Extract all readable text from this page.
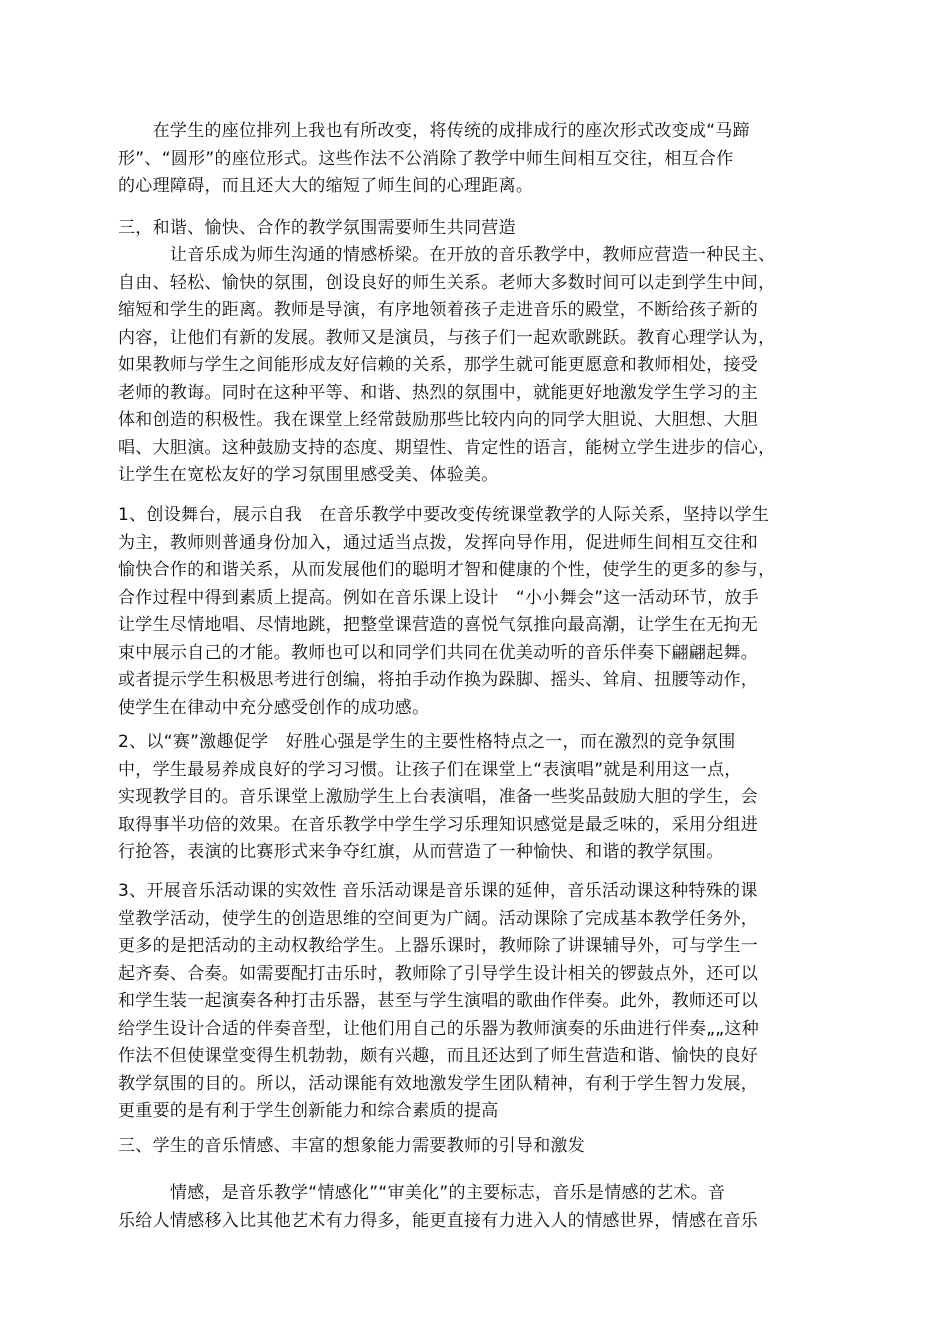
　　在学生的座位排列上我也有所改变，将传统的成排成行的座次形式改变成“马蹄
形”、“圆形”的座位形式。这些作法不公消除了教学中师生间相互交往，相互合作
的心理障碍，而且还大大的缩短了师生间的心理距离。
三，和谐、愉快、合作的教学氛围需要师生共同营造
　　　让音乐成为师生沟通的情感桥梁。在开放的音乐教学中，教师应营造一种民主、
自由、轻松、愉快的氛围，创设良好的师生关系。老师大多数时间可以走到学生中间，
缩短和学生的距离。教师是导演，有序地领着孩子走进音乐的殿堂，不断给孩子新的
内容，让他们有新的发展。教师又是演员，与孩子们一起欢歌跳跃。教育心理学认为，
如果教师与学生之间能形成友好信赖的关系，那学生就可能更愿意和教师相处，接受
老师的教诲。同时在这种平等、和谐、热烈的氛围中，就能更好地激发学生学习的主
体和创造的积极性。我在课堂上经常鼓励那些比较内向的同学大胆说、大胆想、大胆
唱、大胆演。这种鼓励支持的态度、期望性、肯定性的语言，能树立学生进步的信心，
让学生在宽松友好的学习氛围里感受美、体验美。
1、创设舞台，展示自我　在音乐教学中要改变传统课堂教学的人际关系，坚持以学生
为主，教师则普通身份加入，通过适当点拨，发挥向导作用，促进师生间相互交往和
愉快合作的和谐关系，从而发展他们的聪明才智和健康的个性，使学生的更多的参与，
合作过程中得到素质上提高。例如在音乐课上设计　“小小舞会”这一活动环节，放手
让学生尽情地唱、尽情地跳，把整堂课营造的喜悦气氛推向最高潮，让学生在无拘无
束中展示自己的才能。教师也可以和同学们共同在优美动听的音乐伴奏下翩翩起舞。
或者提示学生积极思考进行创编，将拍手动作换为跺脚、摇头、耸肩、扭腰等动作，
使学生在律动中充分感受创作的成功感。
2、以“赛”激趣促学　好胜心强是学生的主要性格特点之一，而在激烈的竞争氛围
中，学生最易养成良好的学习习惯。让孩子们在课堂上“表演唱”就是利用这一点，
实现教学目的。音乐课堂上激励学生上台表演唱，准备一些奖品鼓励大胆的学生，会
取得事半功倍的效果。在音乐教学中学生学习乐理知识感觉是最乏味的，采用分组进
行抢答，表演的比赛形式来争夺红旗，从而营造了一种愉快、和谐的教学氛围。
3、开展音乐活动课的实效性 音乐活动课是音乐课的延伸，音乐活动课这种特殊的课
堂教学活动，使学生的创造思维的空间更为广阔。活动课除了完成基本教学任务外，
更多的是把活动的主动权教给学生。上器乐课时，教师除了讲课辅导外，可与学生一
起齐奏、合奏。如需要配打击乐时，教师除了引导学生设计相关的锣鼓点外，还可以
和学生装一起演奏各种打击乐器，甚至与学生演唱的歌曲作伴奏。此外，教师还可以
给学生设计合适的伴奏音型，让他们用自己的乐器为教师演奏的乐曲进行伴奏„„这种
作法不但使课堂变得生机勃勃，颇有兴趣，而且还达到了师生营造和谐、愉快的良好
教学氛围的目的。所以，活动课能有效地激发学生团队精神，有利于学生智力发展，
更重要的是有利于学生创新能力和综合素质的提高
三、学生的音乐情感、丰富的想象能力需要教师的引导和激发
　　　情感，是音乐教学“情感化”“审美化”的主要标志，音乐是情感的艺术。音
乐给人情感移入比其他艺术有力得多，能更直接有力进入人的情感世界，情感在音乐
